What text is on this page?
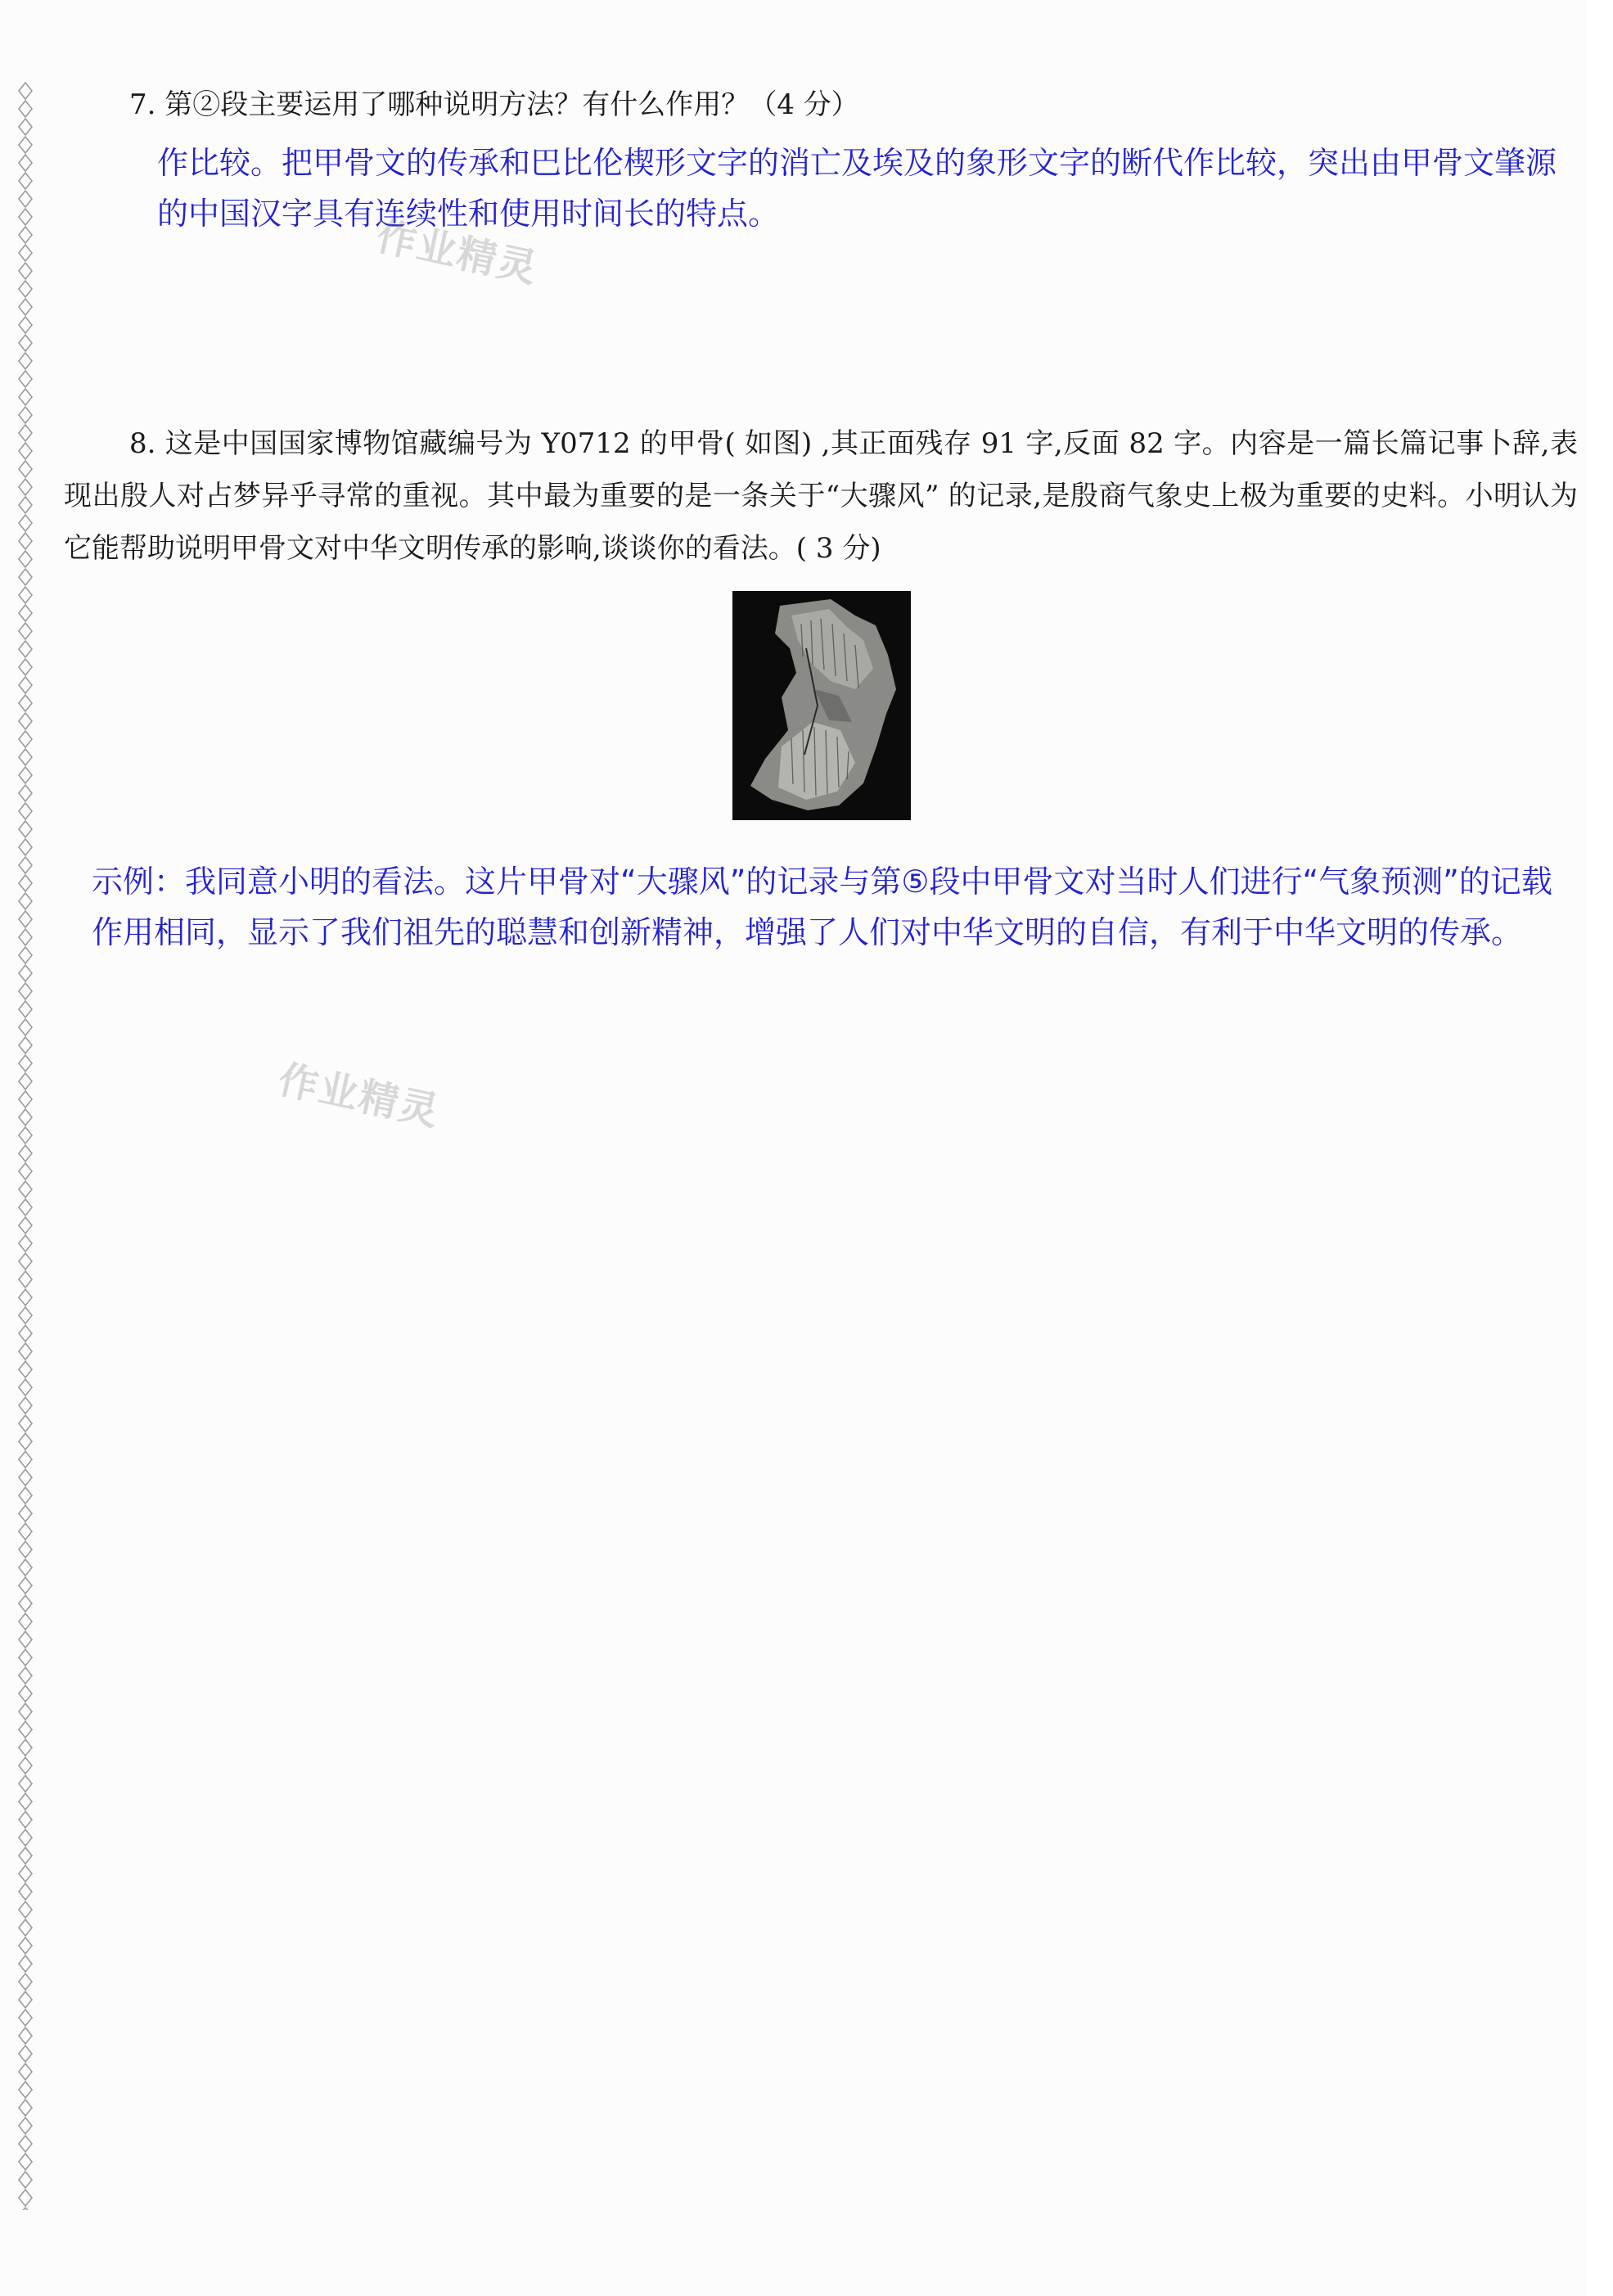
7. 第②段主要运用了哪种说明方法？有什么作用？（4 分）
作比较。把甲骨文的传承和巴比伦楔形文字的消亡及埃及的象形文字的断代作比较，突出由甲骨文肇源的中国汉字具有连续性和使用时间长的特点。
作业精灵
8. 这是中国国家博物馆藏编号为 Y0712 的甲骨( 如图) ,其正面残存 91 字,反面 82 字。内容是一篇长篇记事卜辞,表现出殷人对占梦异乎寻常的重视。其中最为重要的是一条关于“大骤风” 的记录,是殷商气象史上极为重要的史料。小明认为它能帮助说明甲骨文对中华文明传承的影响,谈谈你的看法。( 3 分)
示例：我同意小明的看法。这片甲骨对“大骤风”的记录与第⑤段中甲骨文对当时人们进行“气象预测”的记载作用相同，显示了我们祖先的聪慧和创新精神，增强了人们对中华文明的自信，有利于中华文明的传承。
作业精灵
